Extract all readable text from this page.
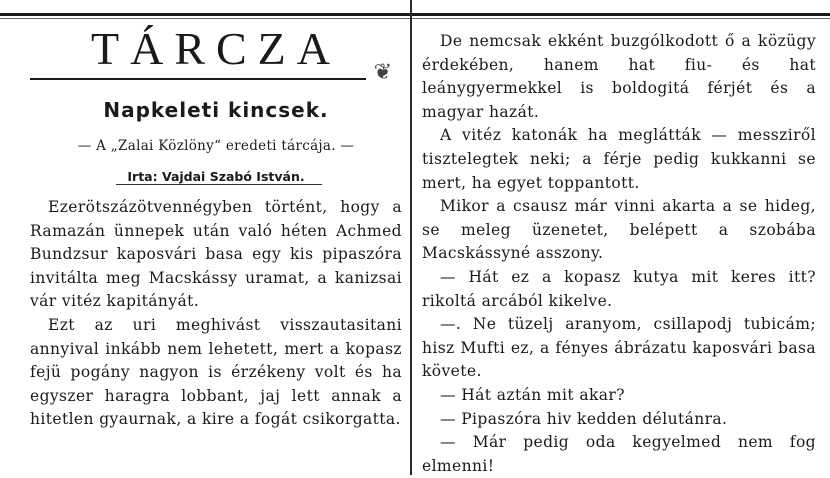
TÁRCZA	❦
Napkeleti kincsek.
— A „Zalai Közlöny“ eredeti tárcája. —
Irta: Vajdai Szabó István.

Ezerötszázötvennégyben történt, hogy a Ramazán ünnepek után való héten Achmed Bundzsur kaposvári basa egy kis pipaszóra invitálta meg Macskássy uramat, a kanizsai vár vitéz kapitányát.

Ezt az uri meghivást visszautasitani annyival inkább nem lehetett, mert a kopasz fejü pogány nagyon is érzékeny volt és ha egyszer haragra lobbant, jaj lett annak a hitetlen gyaurnak, a kire a fogát csikorgatta.

De nemcsak ekként buzgólkodott ő a közügy érdekében, hanem hat fiu- és hat leánygyermekkel is boldogitá férjét és a magyar hazát.

A vitéz katonák ha meglátták — messziről tisztelegtek neki; a férje pedig kukkanni se mert, ha egyet toppantott.

Mikor a csausz már vinni akarta a se hideg, se meleg üzenetet, belépett a szobába Macskássyné asszony.

— Hát ez a kopasz kutya mit keres itt? rikoltá arcából kikelve.

—. Ne tüzelj aranyom, csillapodj tubicám; hisz Mufti ez, a fényes ábrázatu kaposvári basa követe.

— Hát aztán mit akar?

— Pipaszóra hiv kedden délutánra.

— Már pedig oda kegyelmed nem fog elmenni!
